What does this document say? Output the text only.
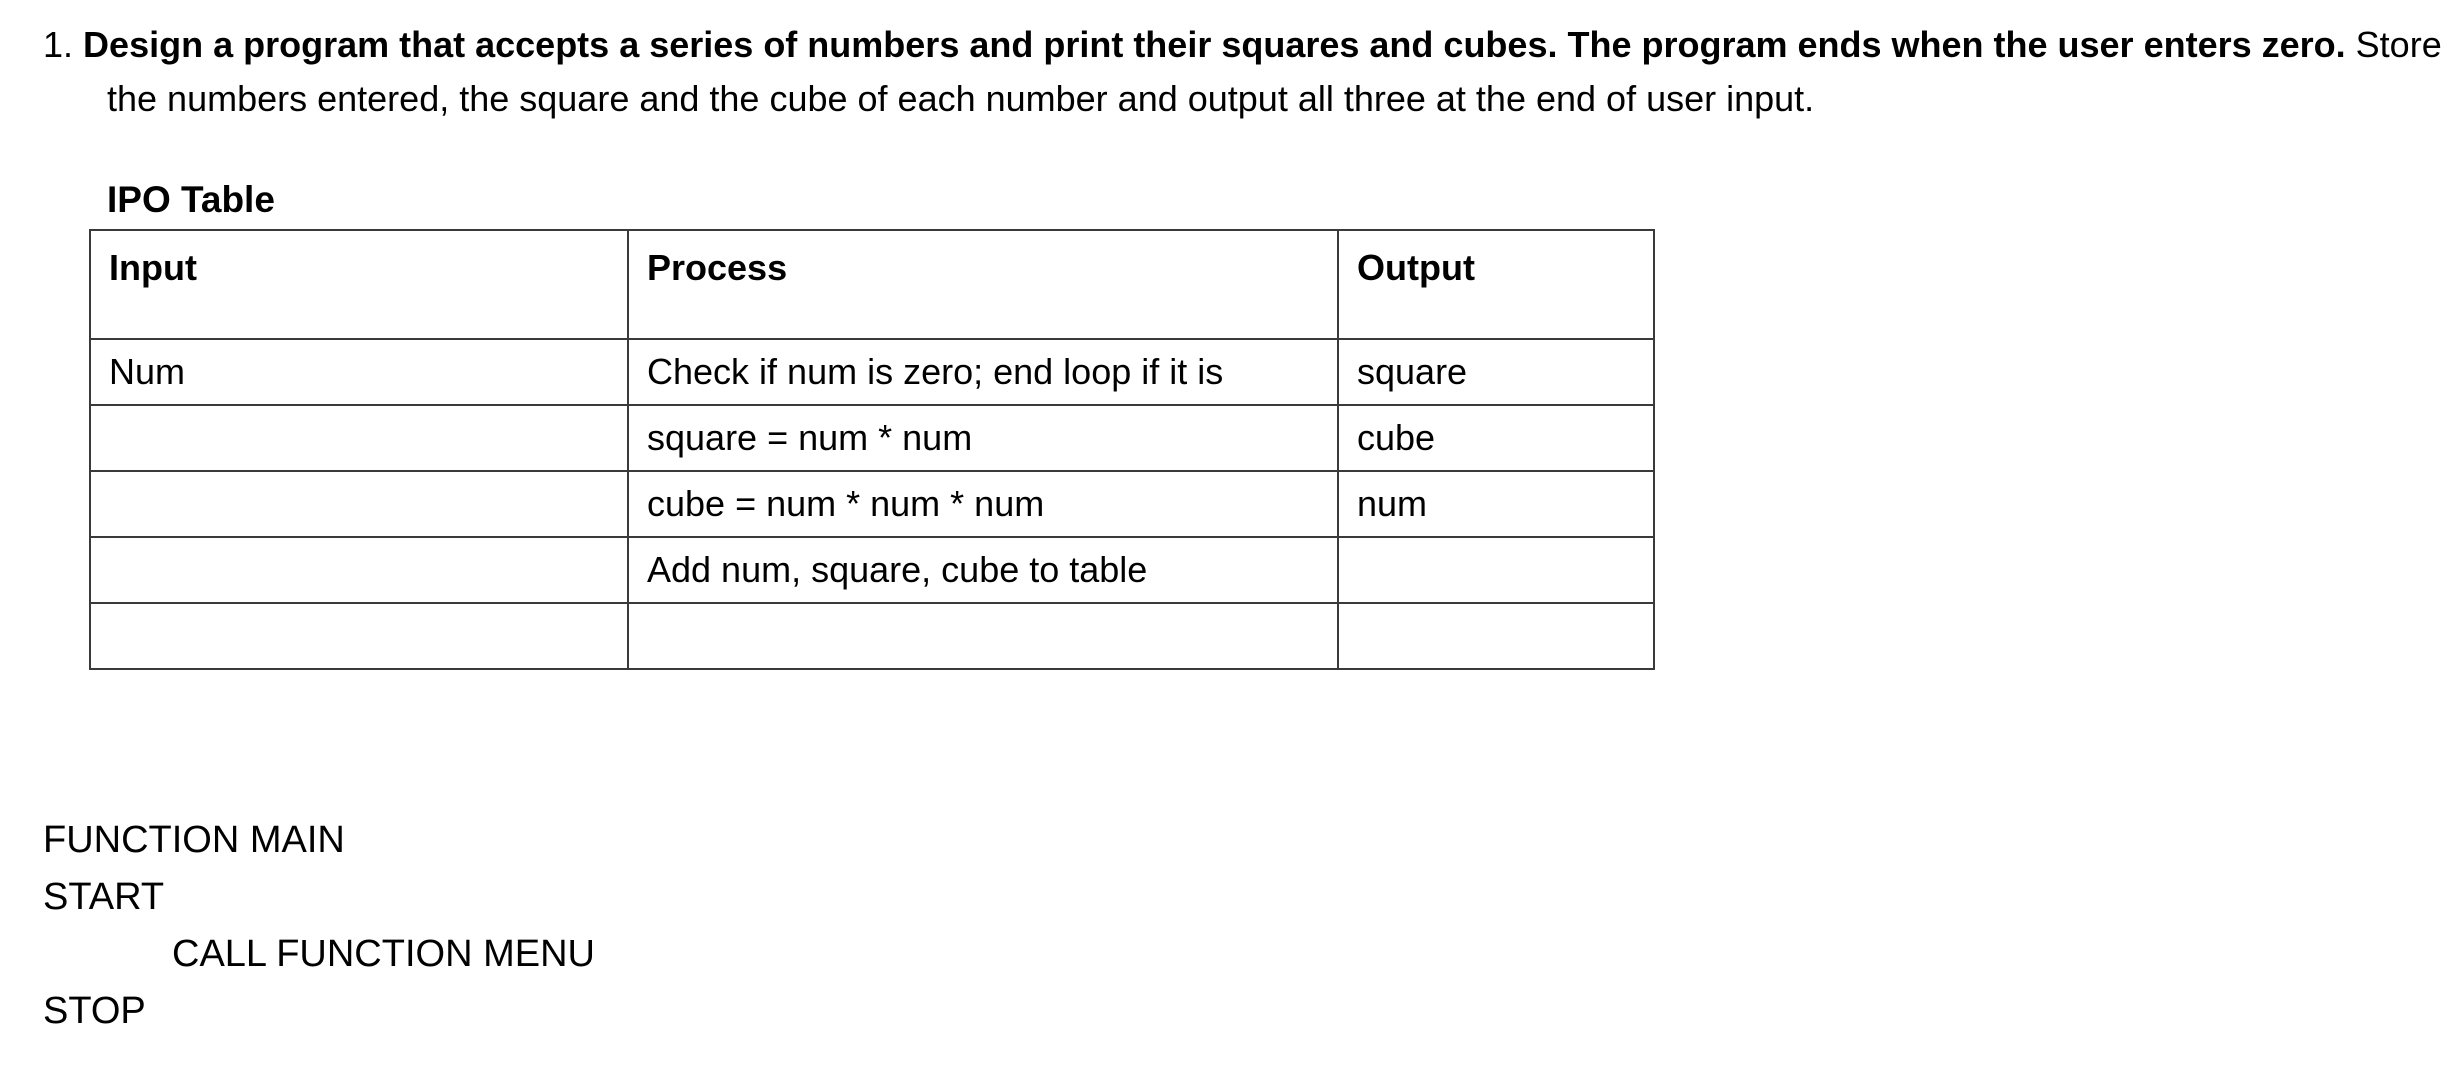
1. Design a program that accepts a series of numbers and print their squares and cubes. The program ends when the user enters zero. Store
the numbers entered, the square and the cube of each number and output all three at the end of user input.
IPO Table
Input	Process	Output
Num	Check if num is zero; end loop if it is	square
	square = num * num	cube
	cube = num * num * num	num
	Add num, square, cube to table	

FUNCTION MAIN
START
CALL FUNCTION MENU
STOP
